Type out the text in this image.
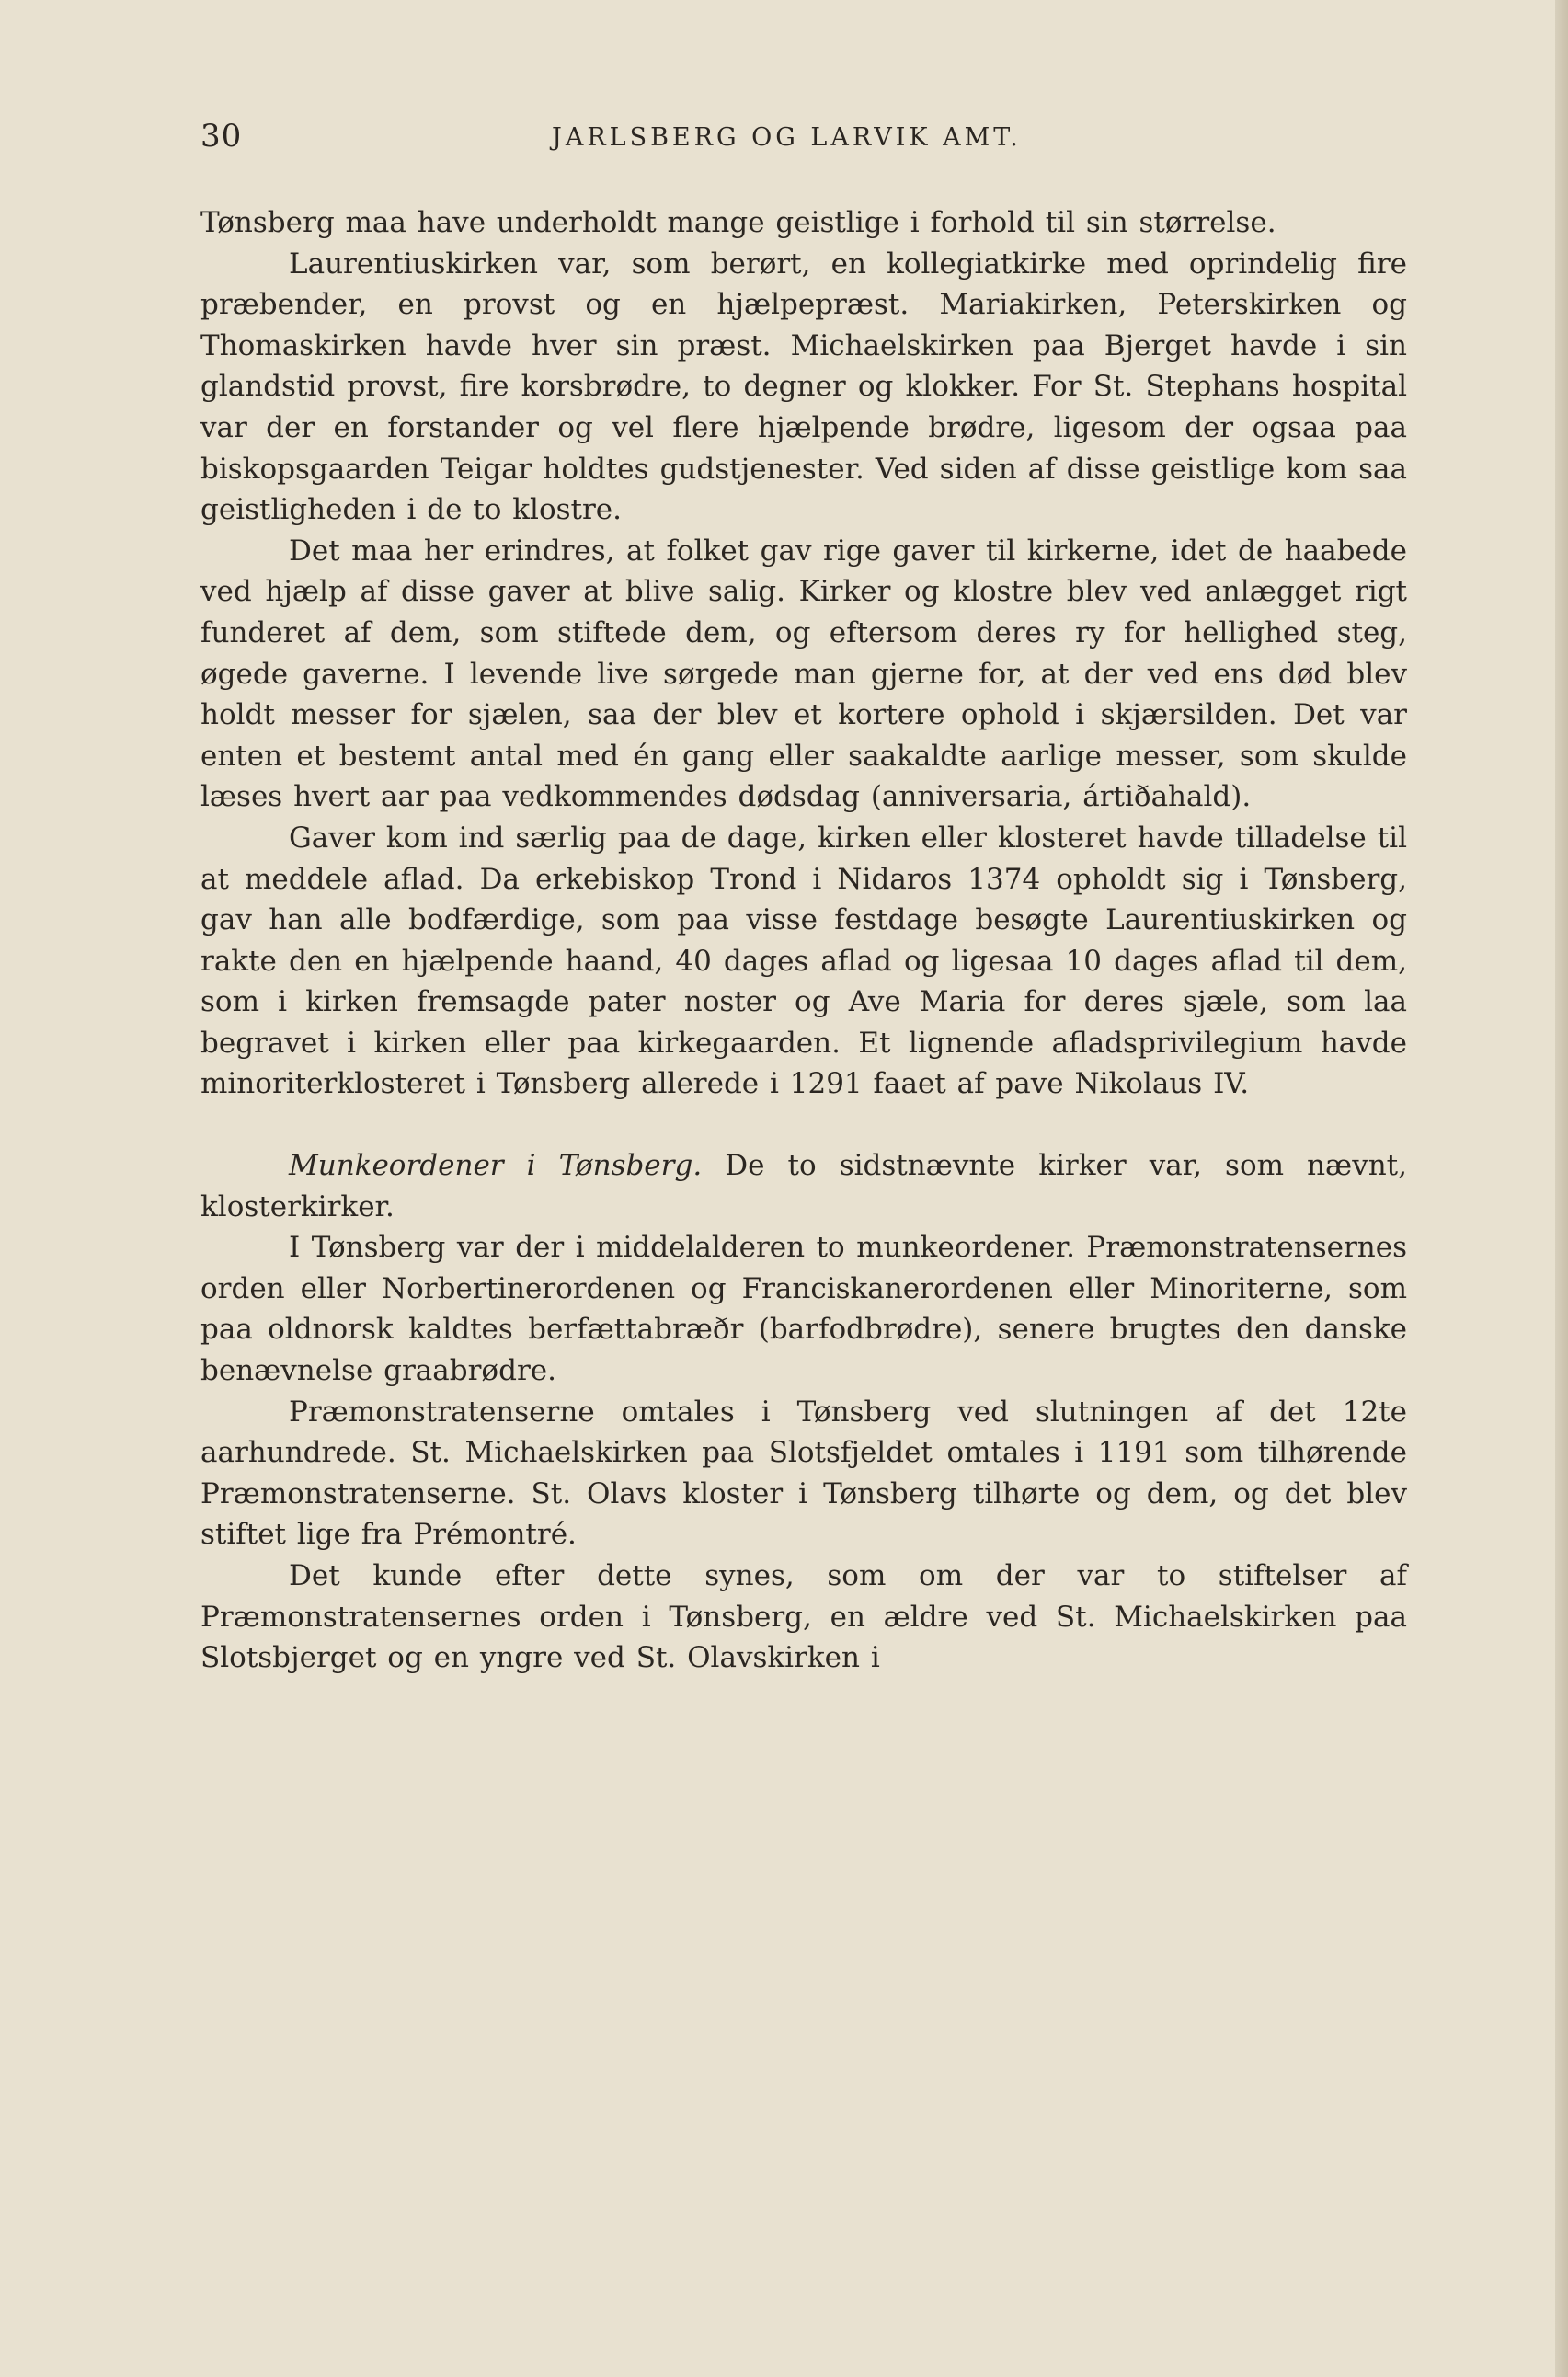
30	JARLSBERG OG LARVIK AMT.

Tønsberg maa have underholdt mange geistlige i forhold til sin størrelse.

Laurentiuskirken var, som berørt, en kollegiatkirke med oprindelig fire præbender, en provst og en hjælpepræst. Mariakirken, Peterskirken og Thomaskirken havde hver sin præst. Michaelskirken paa Bjerget havde i sin glandstid provst, fire korsbrødre, to degner og klokker. For St. Stephans hospital var der en forstander og vel flere hjælpende brødre, ligesom der ogsaa paa biskopsgaarden Teigar holdtes gudstjenester. Ved siden af disse geistlige kom saa geistligheden i de to klostre.

Det maa her erindres, at folket gav rige gaver til kirkerne, idet de haabede ved hjælp af disse gaver at blive salig. Kirker og klostre blev ved anlægget rigt funderet af dem, som stiftede dem, og eftersom deres ry for hellighed steg, øgede gaverne. I levende live sørgede man gjerne for, at der ved ens død blev holdt messer for sjælen, saa der blev et kortere ophold i skjærsilden. Det var enten et bestemt antal med én gang eller saakaldte aarlige messer, som skulde læses hvert aar paa vedkommendes dødsdag (anniversaria, ártiðahald).

Gaver kom ind særlig paa de dage, kirken eller klosteret havde tilladelse til at meddele aflad. Da erkebiskop Trond i Nidaros 1374 opholdt sig i Tønsberg, gav han alle bodfærdige, som paa visse festdage besøgte Laurentiuskirken og rakte den en hjælpende haand, 40 dages aflad og ligesaa 10 dages aflad til dem, som i kirken fremsagde pater noster og Ave Maria for deres sjæle, som laa begravet i kirken eller paa kirkegaarden. Et lignende afladsprivilegium havde minoriterklosteret i Tønsberg allerede i 1291 faaet af pave Nikolaus IV.

Munkeordener i Tønsberg. De to sidstnævnte kirker var, som nævnt, klosterkirker.

I Tønsberg var der i middelalderen to munkeordener. Præmonstratensernes orden eller Norbertinerordenen og Franciskanerordenen eller Minoriterne, som paa oldnorsk kaldtes berfættabræðr (barfodbrødre), senere brugtes den danske benævnelse graabrødre.

Præmonstratenserne omtales i Tønsberg ved slutningen af det 12te aarhundrede. St. Michaelskirken paa Slotsfjeldet omtales i 1191 som tilhørende Præmonstratenserne. St. Olavs kloster i Tønsberg tilhørte og dem, og det blev stiftet lige fra Prémontré.

Det kunde efter dette synes, som om der var to stiftelser af Præmonstratensernes orden i Tønsberg, en ældre ved St. Michaelskirken paa Slotsbjerget og en yngre ved St. Olavskirken i
